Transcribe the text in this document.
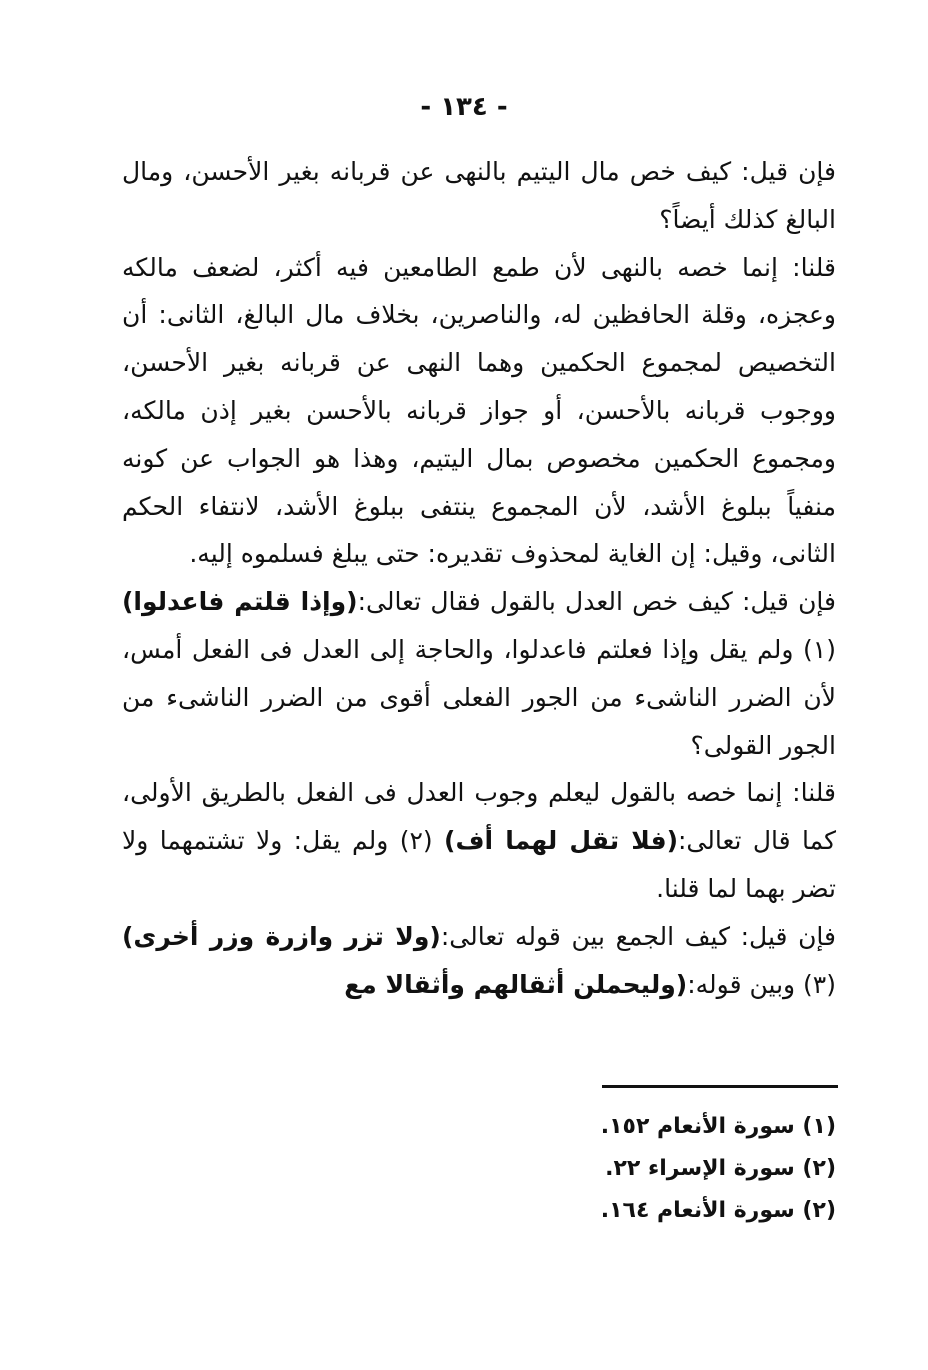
- ١٣٤ -

فإن قيل: كيف خص مال اليتيم بالنهى عن قربانه بغير الأحسن، ومال البالغ كذلك أيضاً؟

قلنا: إنما خصه بالنهى لأن طمع الطامعين فيه أكثر، لضعف مالكه وعجزه، وقلة الحافظين له، والناصرين، بخلاف مال البالغ، الثانى: أن التخصيص لمجموع الحكمين وهما النهى عن قربانه بغير الأحسن، ووجوب قربانه بالأحسن، أو جواز قربانه بالأحسن بغير إذن مالكه، ومجموع الحكمين مخصوص بمال اليتيم، وهذا هو الجواب عن كونه منفياً ببلوغ الأشد، لأن المجموع ينتفى ببلوغ الأشد، لانتفاء الحكم الثانى، وقيل: إن الغاية لمحذوف تقديره: حتى يبلغ فسلموه إليه.

فإن قيل: كيف خص العدل بالقول فقال تعالى:(وإذا قلتم فاعدلوا) (١) ولم يقل وإذا فعلتم فاعدلوا، والحاجة إلى العدل فى الفعل أمس، لأن الضرر الناشىء من الجور الفعلى أقوى من الضرر الناشىء من الجور القولى؟

قلنا: إنما خصه بالقول ليعلم وجوب العدل فى الفعل بالطريق الأولى، كما قال تعالى:(فلا تقل لهما أف) (٢) ولم يقل: ولا تشتمهما ولا تضر بهما لما قلنا.

فإن قيل: كيف الجمع بين قوله تعالى:(ولا تزر وازرة وزر أخرى) (٣) وبين قوله:(وليحملن أثقالهم وأثقالا مع

(١) سورة الأنعام ١٥٢.
(٢) سورة الإسراء ٢٢.
(٢) سورة الأنعام ١٦٤.
